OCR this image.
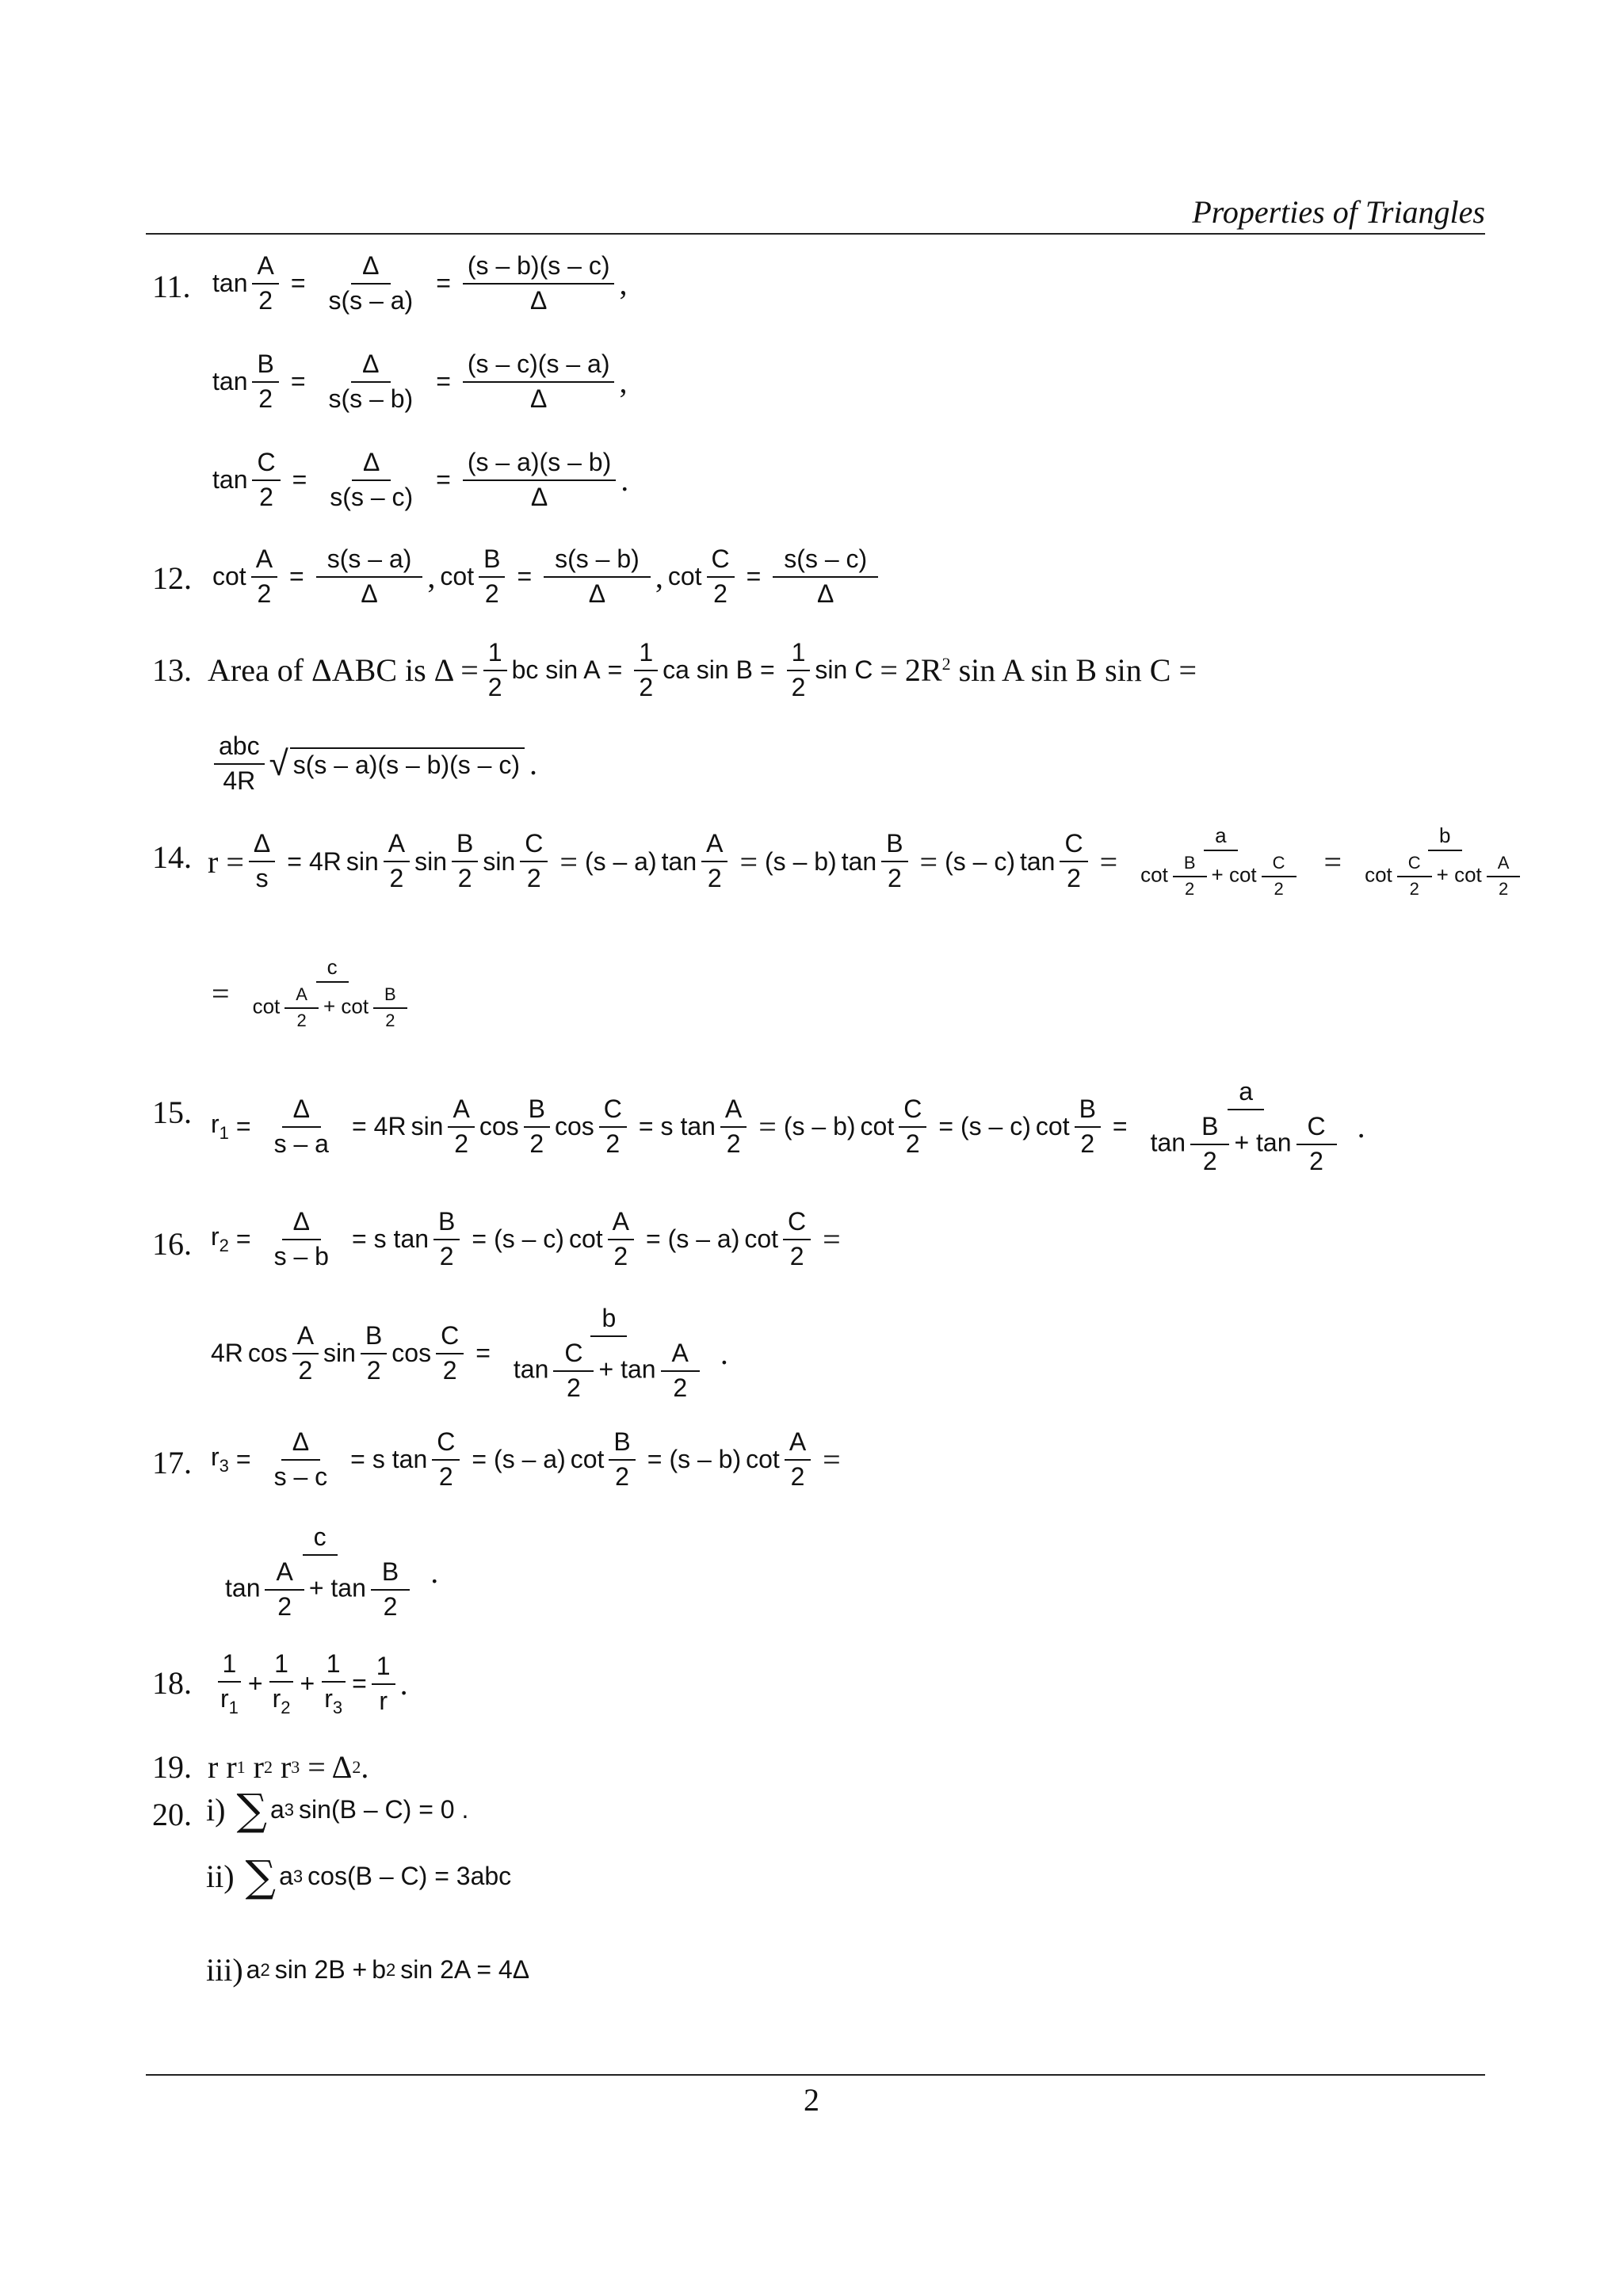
Properties of Triangles
11. $\tan \frac{A}{2} = \frac{\Delta}{s(s - a)} = \frac{(s - b)(s - c)}{\Delta}$ ,
$\tan \frac{B}{2} = \frac{\Delta}{s(s - b)} = \frac{(s - c)(s - a)}{\Delta}$ ,
$\tan \frac{C}{2} = \frac{\Delta}{s(s - c)} = \frac{(s - a)(s - b)}{\Delta}$ .
12. $\cot \frac{A}{2} = \frac{s(s - a)}{\Delta}$ , $\cot \frac{B}{2} = \frac{s(s - b)}{\Delta}$ , $\cot \frac{C}{2} = \frac{s(s - c)}{\Delta}$
13. Area of ΔABC is $\Delta = \frac{1}{2}$ bc $\sin A = \frac{1}{2}$ ca $\sin B = \frac{1}{2}$ $\sin C = 2R^2$ sin A sin B sin C =
$\frac{\text{abc}}{4R}$ √ s(s – a)(s – b)(s – c) .
14. $r = \frac{\Delta}{s} = 4R$ $\sin \frac{A}{2}$ $\sin \frac{B}{2}$ $\sin \frac{C}{2} = (s - a)$ $\tan \frac{A}{2} = (s - b)$ $\tan \frac{B}{2} = (s - c)$ $\tan \frac{C}{2} = \frac{a}{\cot \frac{B}{2} + \cot \frac{C}{2}} = \frac{b}{\cot \frac{C}{2} + \cot \frac{A}{2}}$
= $\frac{c}{\cot \frac{A}{2} + \cot \frac{B}{2}}$
15. $r_1 = \frac{\Delta}{s - a} = 4R$ $\sin \frac{A}{2}$ $\cos \frac{B}{2}$ $\cos \frac{C}{2} = s$ $\tan \frac{A}{2} = (s - b)$ $\cot \frac{C}{2} = (s - c)$ $\cot \frac{B}{2} = \frac{a}{\tan \frac{B}{2} + \tan \frac{C}{2}}$ .
16. $r_2 = \frac{\Delta}{s - b} = s$ $\tan \frac{B}{2} = (s - c)$ $\cot \frac{A}{2} = (s - a)$ $\cot \frac{C}{2}$ =
4R $\cos \frac{A}{2}$ $\sin \frac{B}{2}$ $\cos \frac{C}{2} = \frac{b}{\tan \frac{C}{2} + \tan \frac{A}{2}}$ .
17. $r_3 = \frac{\Delta}{s - c} = s$ $\tan \frac{C}{2} = (s - a)$ $\cot \frac{B}{2} = (s - b)$ $\cot \frac{A}{2}$ =
$\frac{c}{\tan \frac{A}{2} + \tan \frac{B}{2}}$ .
18. $\frac{1}{r_1} + \frac{1}{r_2} + \frac{1}{r_3} = \frac{1}{r}$ .
19. r r 1
r 2
r 3
= Δ 2 .
20. i) ∑ a 3 sin(B – C) = 0 .
ii) ∑ a 3 cos(B – C) = 3abc
iii) a 2 sin 2B + b 2 sin 2A = 4Δ
2
